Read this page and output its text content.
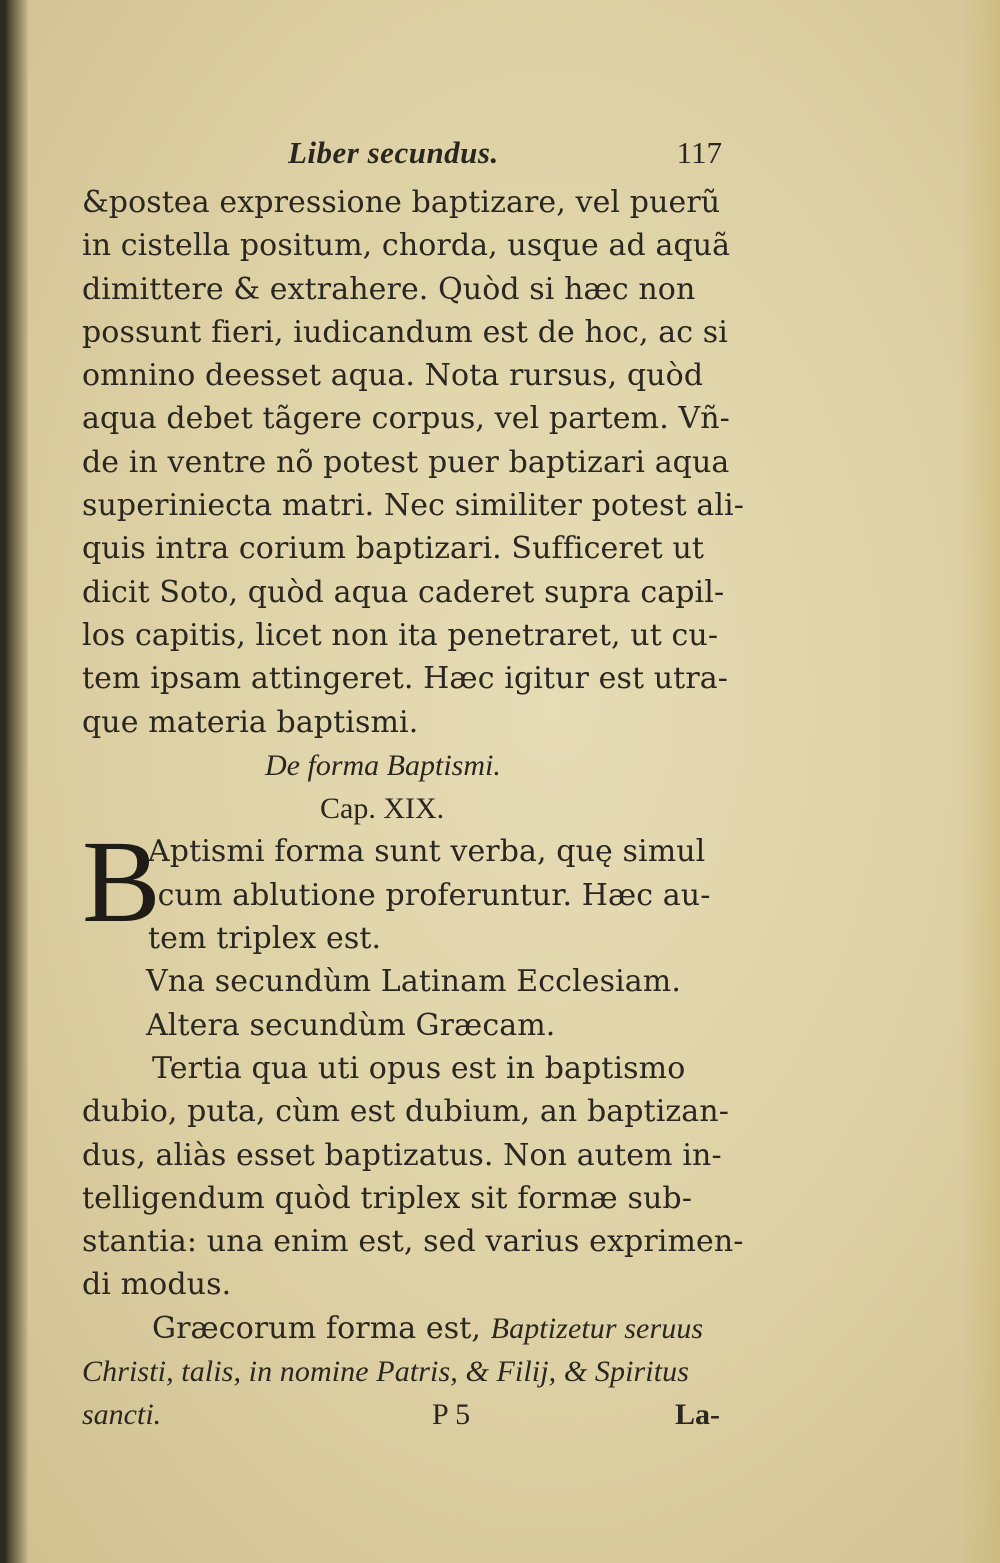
Liber secundus.	117
&postea expressione baptizare, vel puerũ
in cistella positum, chorda, usque ad aquã
dimittere & extrahere. Quòd si hæc non
possunt fieri, iudicandum est de hoc, ac si
omnino deesset aqua. Nota rursus, quòd
aqua debet tãgere corpus, vel partem. Vñ-
de in ventre nõ potest puer baptizari aqua
superiniecta matri. Nec similiter potest ali-
quis intra corium baptizari. Sufficeret ut
dicit Soto, quòd aqua caderet supra capil-
los capitis, licet non ita penetraret, ut cu-
tem ipsam attingeret. Hæc igitur est utra-
que materia baptismi.
De forma Baptismi.
Cap. XIX.
B
Aptismi forma sunt verba, quę simul
.cum ablutione proferuntur. Hæc au-
tem triplex est.
Vna secundùm Latinam Ecclesiam.
Altera secundùm Græcam.
Tertia qua uti opus est in baptismo
dubio, puta, cùm est dubium, an baptizan-
dus, aliàs esset baptizatus. Non autem in-
telligendum quòd triplex sit formæ sub-
stantia: una enim est, sed varius exprimen-
di modus.
Græcorum forma est, Baptizetur seruus
Christi, talis, in nomine Patris, & Filij, & Spiritus
sancti.	P 5	La-
